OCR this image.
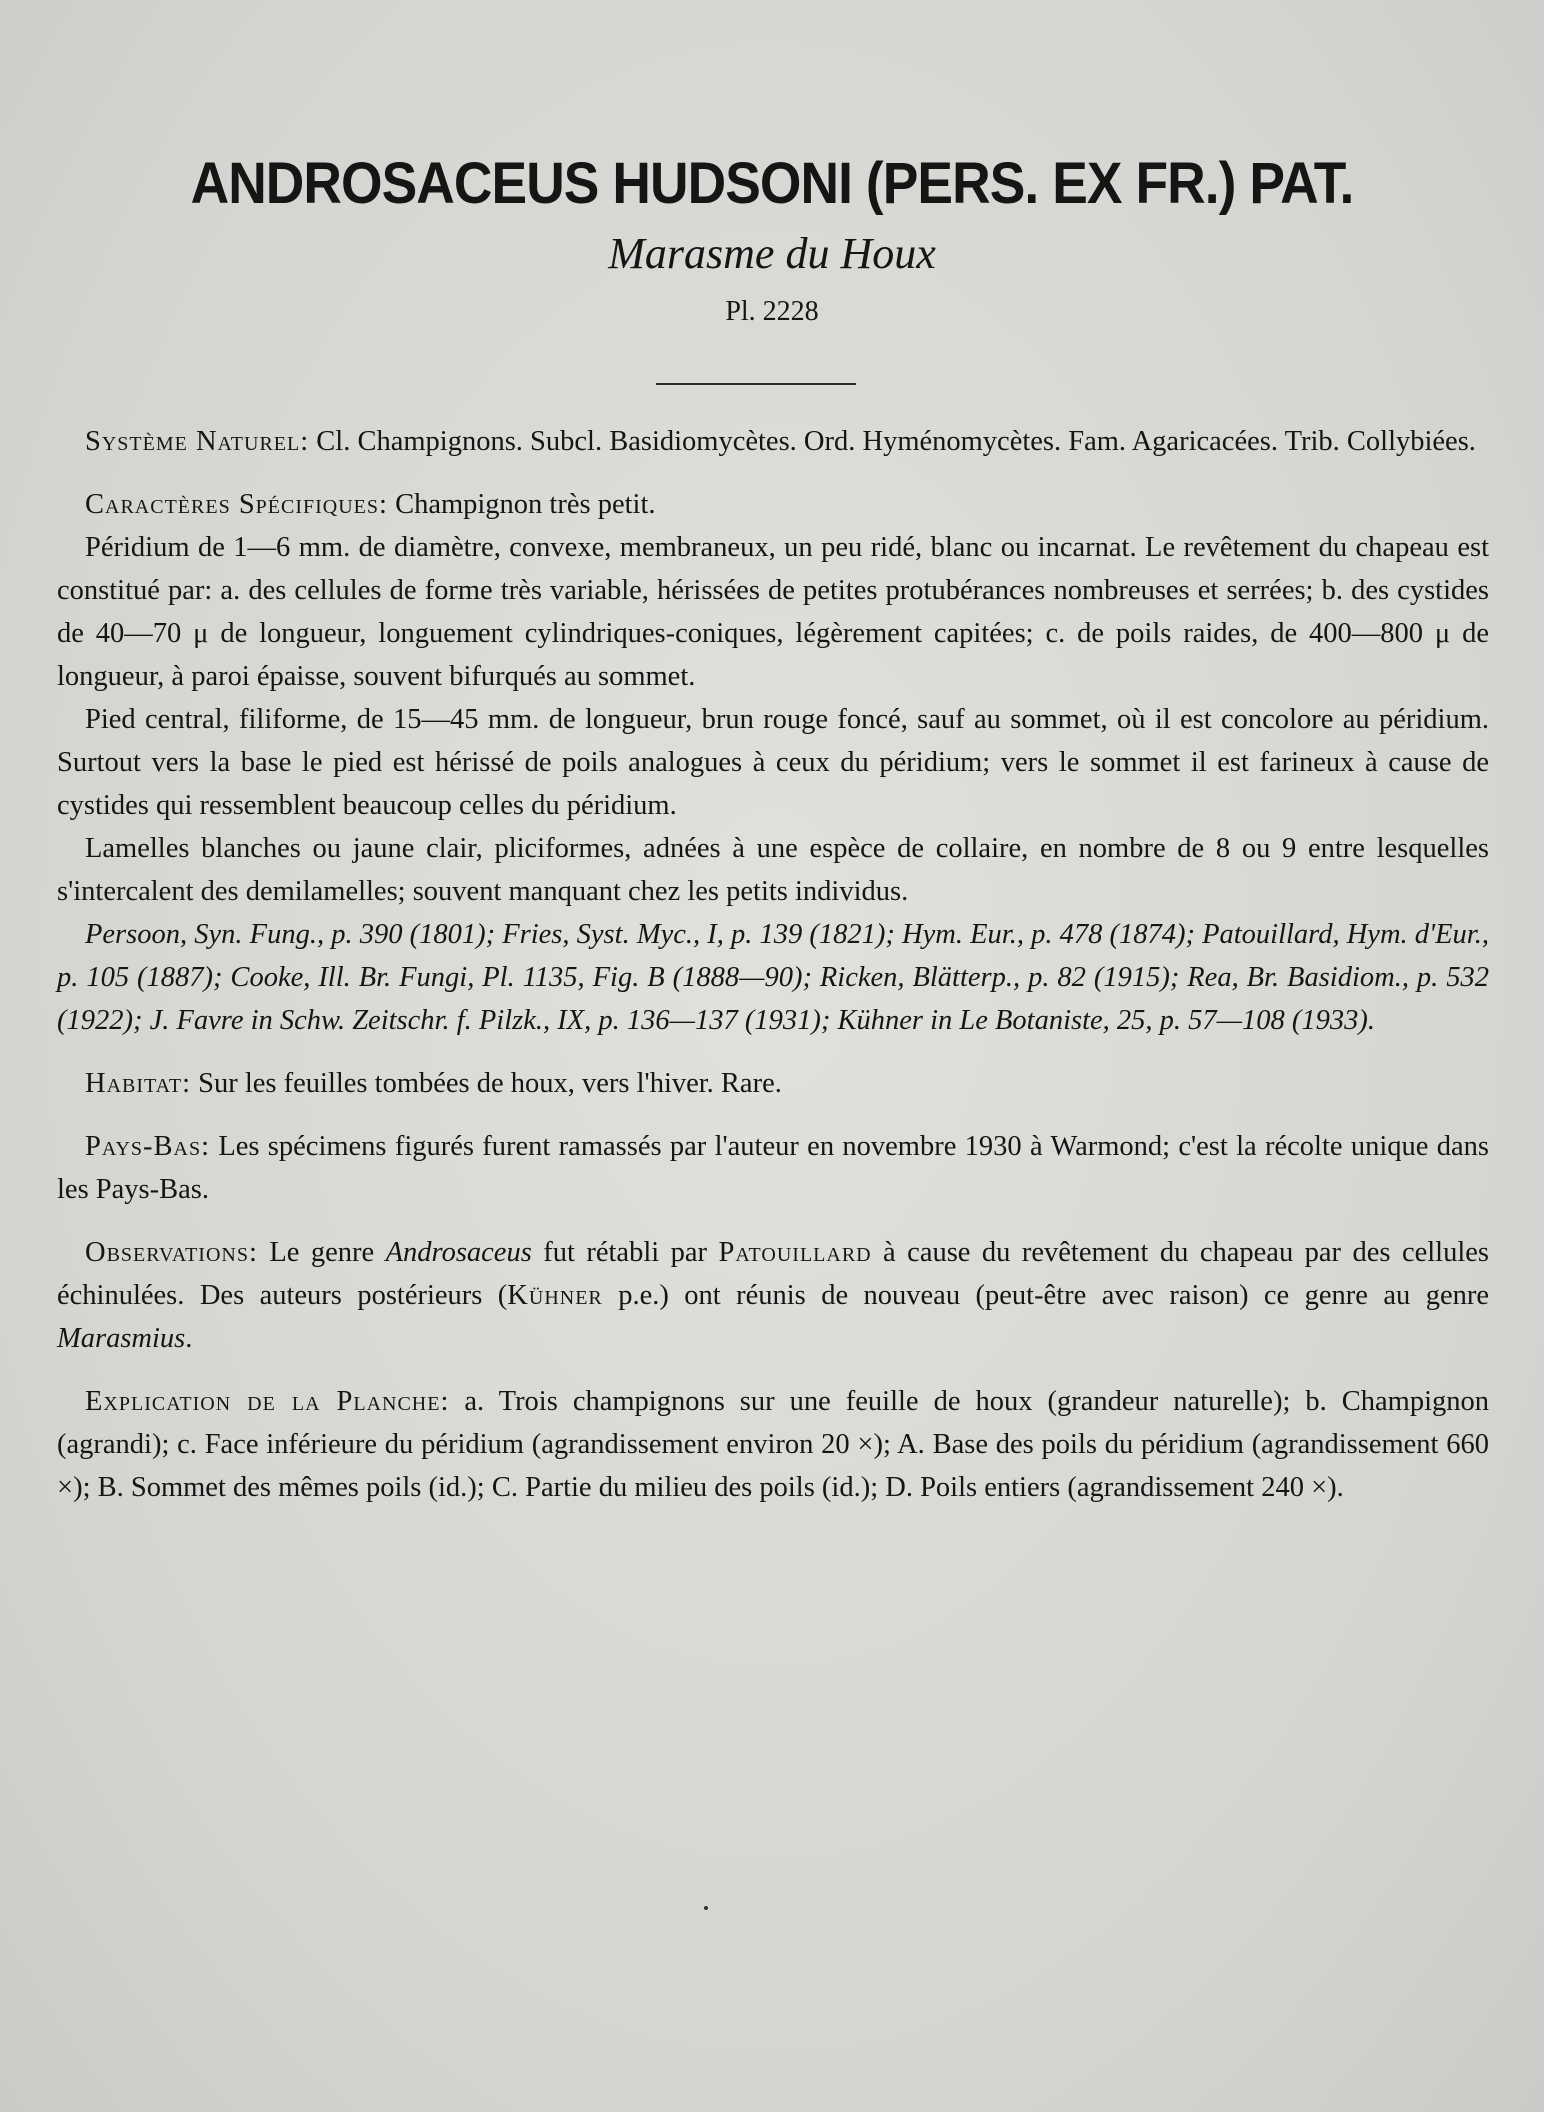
ANDROSACEUS HUDSONI (PERS. EX FR.) PAT.
Marasme du Houx
Pl. 2228

Système Naturel: Cl. Champignons. Subcl. Basidiomycètes. Ord. Hyménomycètes. Fam. Agaricacées. Trib. Collybiées.

Caractères Spécifiques: Champignon très petit.

Péridium de 1—6 mm. de diamètre, convexe, membraneux, un peu ridé, blanc ou incarnat. Le revêtement du chapeau est constitué par: a. des cellules de forme très variable, hérissées de petites protubérances nombreuses et serrées; b. des cystides de 40—70 μ de longueur, longuement cylindriques-coniques, légèrement capitées; c. de poils raides, de 400—800 μ de longueur, à paroi épaisse, souvent bifurqués au sommet.

Pied central, filiforme, de 15—45 mm. de longueur, brun rouge foncé, sauf au sommet, où il est concolore au péridium. Surtout vers la base le pied est hérissé de poils analogues à ceux du péridium; vers le sommet il est farineux à cause de cystides qui ressemblent beaucoup celles du péridium.

Lamelles blanches ou jaune clair, pliciformes, adnées à une espèce de collaire, en nombre de 8 ou 9 entre lesquelles s'intercalent des demilamelles; souvent manquant chez les petits individus.

Persoon, Syn. Fung., p. 390 (1801); Fries, Syst. Myc., I, p. 139 (1821); Hym. Eur., p. 478 (1874); Patouillard, Hym. d'Eur., p. 105 (1887); Cooke, Ill. Br. Fungi, Pl. 1135, Fig. B (1888—90); Ricken, Blätterp., p. 82 (1915); Rea, Br. Basidiom., p. 532 (1922); J. Favre in Schw. Zeitschr. f. Pilzk., IX, p. 136—137 (1931); Kühner in Le Botaniste, 25, p. 57—108 (1933).

Habitat: Sur les feuilles tombées de houx, vers l'hiver. Rare.

Pays-Bas: Les spécimens figurés furent ramassés par l'auteur en novembre 1930 à Warmond; c'est la récolte unique dans les Pays-Bas.

Observations: Le genre Androsaceus fut rétabli par Patouillard à cause du revêtement du chapeau par des cellules échinulées. Des auteurs postérieurs (Kühner p.e.) ont réunis de nouveau (peut-être avec raison) ce genre au genre Marasmius.

Explication de la Planche: a. Trois champignons sur une feuille de houx (grandeur naturelle); b. Champignon (agrandi); c. Face inférieure du péridium (agrandissement environ 20 ×); A. Base des poils du péridium (agrandissement 660 ×); B. Sommet des mêmes poils (id.); C. Partie du milieu des poils (id.); D. Poils entiers (agrandissement 240 ×).
